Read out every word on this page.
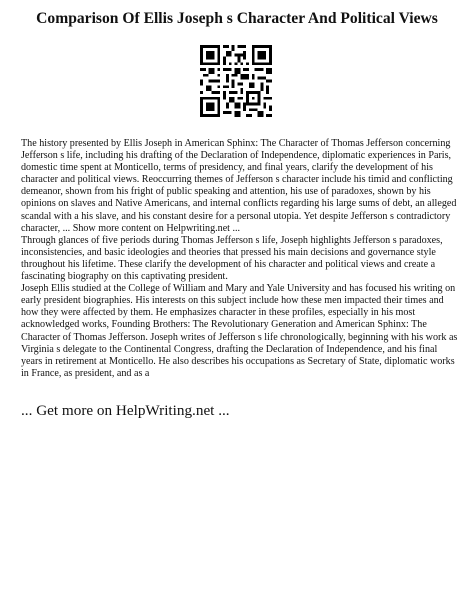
Comparison Of Ellis Joseph s Character And Political Views

The history presented by Ellis Joseph in American Sphinx: The Character of Thomas Jefferson concerning Jefferson s life, including his drafting of the Declaration of Independence, diplomatic experiences in Paris, domestic time spent at Monticello, terms of presidency, and final years, clarify the development of his character and political views. Reoccurring themes of Jefferson s character include his timid and conflicting demeanor, shown from his fright of public speaking and attention, his use of paradoxes, shown by his opinions on slaves and Native Americans, and internal conflicts regarding his large sums of debt, an alleged scandal with a his slave, and his constant desire for a personal utopia. Yet despite Jefferson s contradictory character, ... Show more content on Helpwriting.net ...

Through glances of five periods during Thomas Jefferson s life, Joseph highlights Jefferson s paradoxes, inconsistencies, and basic ideologies and theories that pressed his main decisions and governance style throughout his lifetime. These clarify the development of his character and political views and create a fascinating biography on this captivating president.

Joseph Ellis studied at the College of William and Mary and Yale University and has focused his writing on early president biographies. His interests on this subject include how these men impacted their times and how they were affected by them. He emphasizes character in these profiles, especially in his most acknowledged works, Founding Brothers: The Revolutionary Generation and American Sphinx: The Character of Thomas Jefferson. Joseph writes of Jefferson s life chronologically, beginning with his work as Virginia s delegate to the Continental Congress, drafting the Declaration of Independence, and his final years in retirement at Monticello. He also describes his occupations as Secretary of State, diplomatic works in France, as president, and as a

... Get more on HelpWriting.net ...
